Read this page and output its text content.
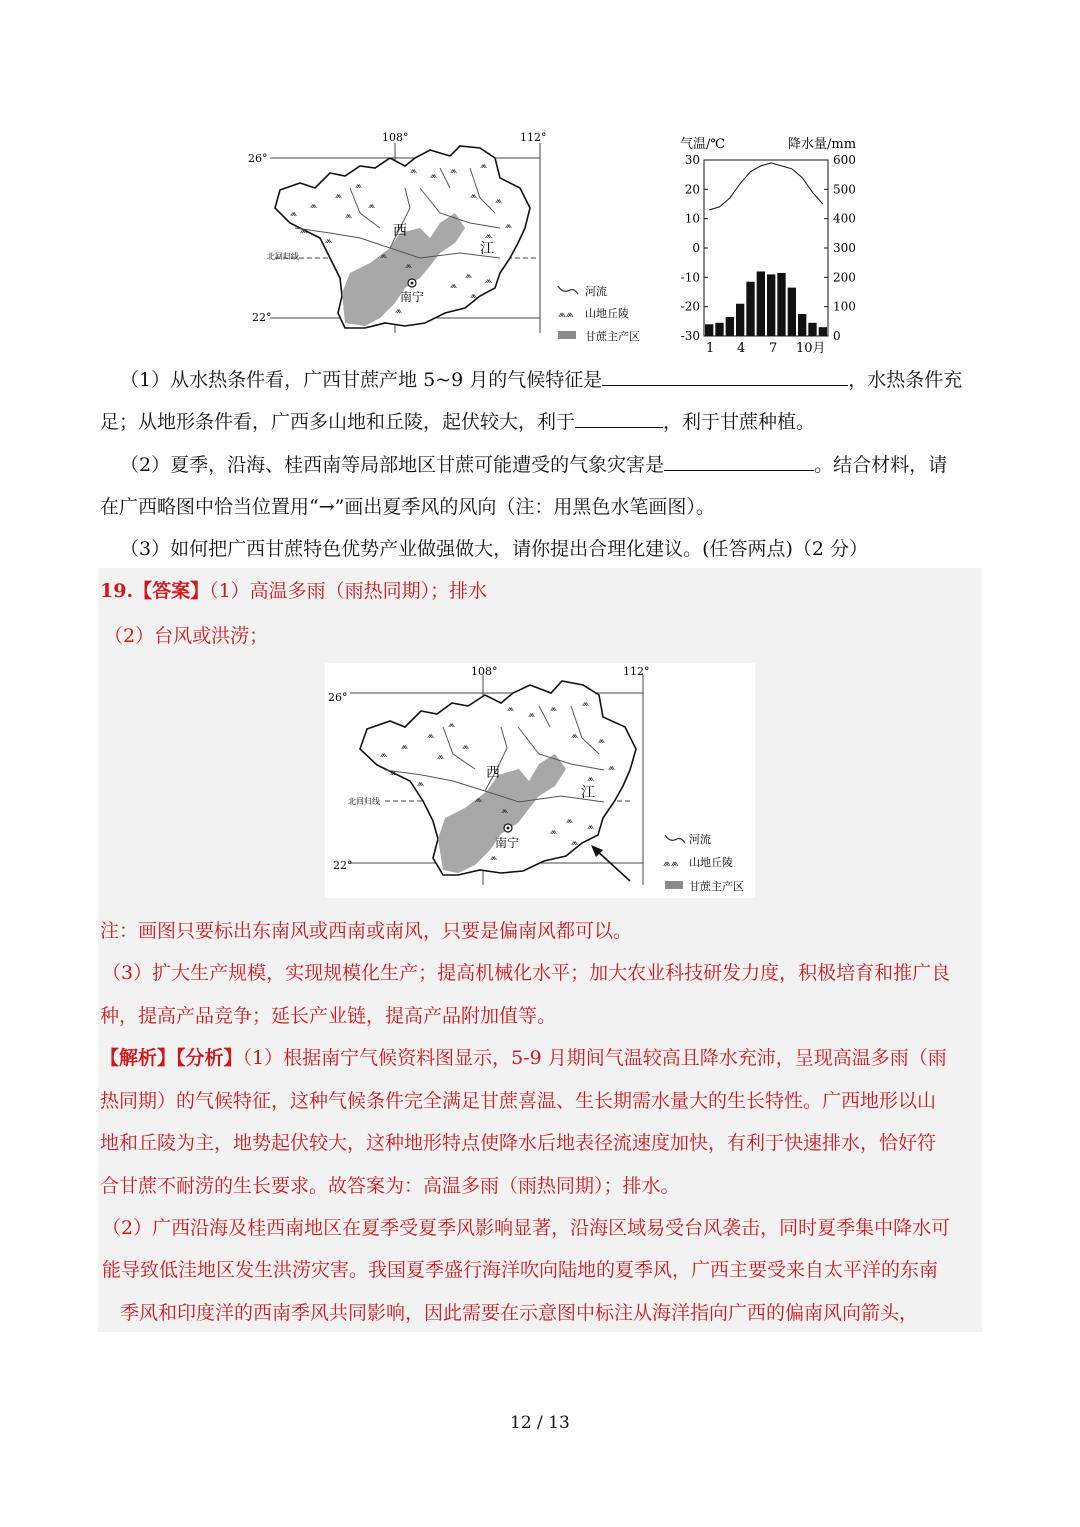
⩕
⩕
⩕
⩕
⩕
⩕
⩕
⩕
⩕ ⩕ ⩕	⩕
⩕ ⩕
⩕
⩕
⩕ ⩕
⩕
⩕
⩕
⩕
⩕
108°	112°
26°
22°
北回归线
西
江
南宁	河流
⩕⩕ 山地丘陵
甘蔗主产区
气温/℃	降水量/mm
30	600
20	500
10	400
0	300
-10	200
-20	100
-30	0
1 4 7 10月
（1）从水热条件看，广西甘蔗产地 5~9 月的气候特征是	，水热条件充
足；从地形条件看，广西多山地和丘陵，起伏较大，利于	，利于甘蔗种植。
（2）夏季，沿海、桂西南等局部地区甘蔗可能遭受的气象灾害是	。结合材料，请
在广西略图中恰当位置用“→”画出夏季风的风向（注：用黑色水笔画图）。
（3）如何把广西甘蔗特色优势产业做强做大，请你提出合理化建议。(任答两点)（2 分）
19.【答案】（1）高温多雨（雨热同期）；排水
（2）台风或洪涝；
⩕
⩕
⩕
⩕
⩕
⩕
⩕
⩕
⩕
⩕
⩕	⩕
⩕ ⩕
⩕
⩕
⩕
⩕
⩕
⩕
⩕
⩕
⩕
108°	112°
26°
22°
北回归线
西
江
南宁	河流
⩕⩕ 山地丘陵
甘蔗主产区
注：画图只要标出东南风或西南或南风，只要是偏南风都可以。
（3）扩大生产规模，实现规模化生产；提高机械化水平；加大农业科技研发力度，积极培育和推广良
种，提高产品竞争；延长产业链，提高产品附加值等。
【解析】【分析】（1）根据南宁气候资料图显示，5-9 月期间气温较高且降水充沛，呈现高温多雨（雨
热同期）的气候特征，这种气候条件完全满足甘蔗喜温、生长期需水量大的生长特性。广西地形以山
地和丘陵为主，地势起伏较大，这种地形特点使降水后地表径流速度加快，有利于快速排水，恰好符
合甘蔗不耐涝的生长要求。故答案为：高温多雨（雨热同期）；排水。
（2）广西沿海及桂西南地区在夏季受夏季风影响显著，沿海区域易受台风袭击，同时夏季集中降水可
能导致低洼地区发生洪涝灾害。我国夏季盛行海洋吹向陆地的夏季风，广西主要受来自太平洋的东南
季风和印度洋的西南季风共同影响，因此需要在示意图中标注从海洋指向广西的偏南风向箭头，
12 / 13
